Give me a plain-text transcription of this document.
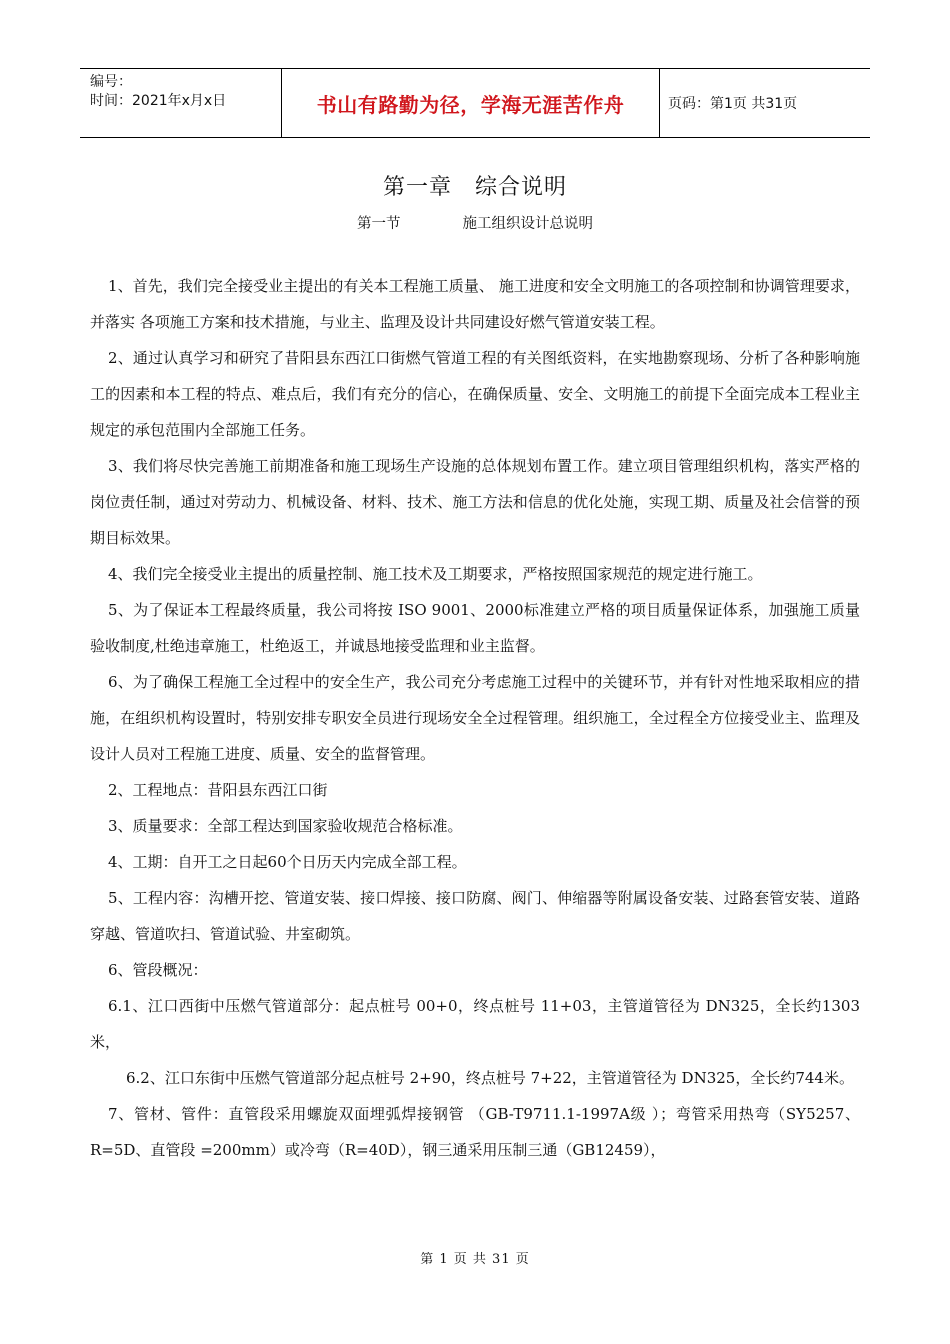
编号：
时间：2021年x月x日	书山有路勤为径，学海无涯苦作舟	页码：第1页 共31页
第一章　综合说明
第一节	施工组织设计总说明

1、首先，我们完全接受业主提出的有关本工程施工质量、 施工进度和安全文明施工的各项控制和协调管理要求，并落实 各项施工方案和技术措施，与业主、监理及设计共同建设好燃气管道安装工程。

2、通过认真学习和研究了昔阳县东西江口街燃气管道工程的有关图纸资料，在实地勘察现场、分析了各种影响施工的因素和本工程的特点、难点后，我们有充分的信心，在确保质量、安全、文明施工的前提下全面完成本工程业主规定的承包范围内全部施工任务。

3、我们将尽快完善施工前期准备和施工现场生产设施的总体规划布置工作。建立项目管理组织机构，落实严格的岗位责任制，通过对劳动力、机械设备、材料、技术、施工方法和信息的优化处施，实现工期、质量及社会信誉的预期目标效果。

4、我们完全接受业主提出的质量控制、施工技术及工期要求，严格按照国家规范的规定进行施工。

5、为了保证本工程最终质量，我公司将按 ISO 9001、2000标准建立严格的项目质量保证体系，加强施工质量验收制度,杜绝违章施工，杜绝返工，并诚恳地接受监理和业主监督。

6、为了确保工程施工全过程中的安全生产，我公司充分考虑施工过程中的关键环节，并有针对性地采取相应的措施，在组织机构设置时，特别安排专职安全员进行现场安全全过程管理。组织施工，全过程全方位接受业主、监理及设计人员对工程施工进度、质量、安全的监督管理。

2、工程地点：昔阳县东西江口街

3、质量要求：全部工程达到国家验收规范合格标准。

4、工期：自开工之日起60个日历天内完成全部工程。

5、工程内容：沟槽开挖、管道安装、接口焊接、接口防腐、阀门、伸缩器等附属设备安装、过路套管安装、道路穿越、管道吹扫、管道试验、井室砌筑。

6、管段概况：

6.1、江口西街中压燃气管道部分：起点桩号 00+0，终点桩号 11+03，主管道管径为 DN325，全长约1303米，

6.2、江口东街中压燃气管道部分起点桩号 2+90，终点桩号 7+22，主管道管径为 DN325，全长约744米。

7、管材、管件：直管段采用螺旋双面埋弧焊接钢管 （GB-T9711.1-1997A级 ）；弯管采用热弯（SY5257、R=5D、直管段 =200mm）或冷弯（R=40D），钢三通采用压制三通（GB12459），

第 1 页 共 31 页
